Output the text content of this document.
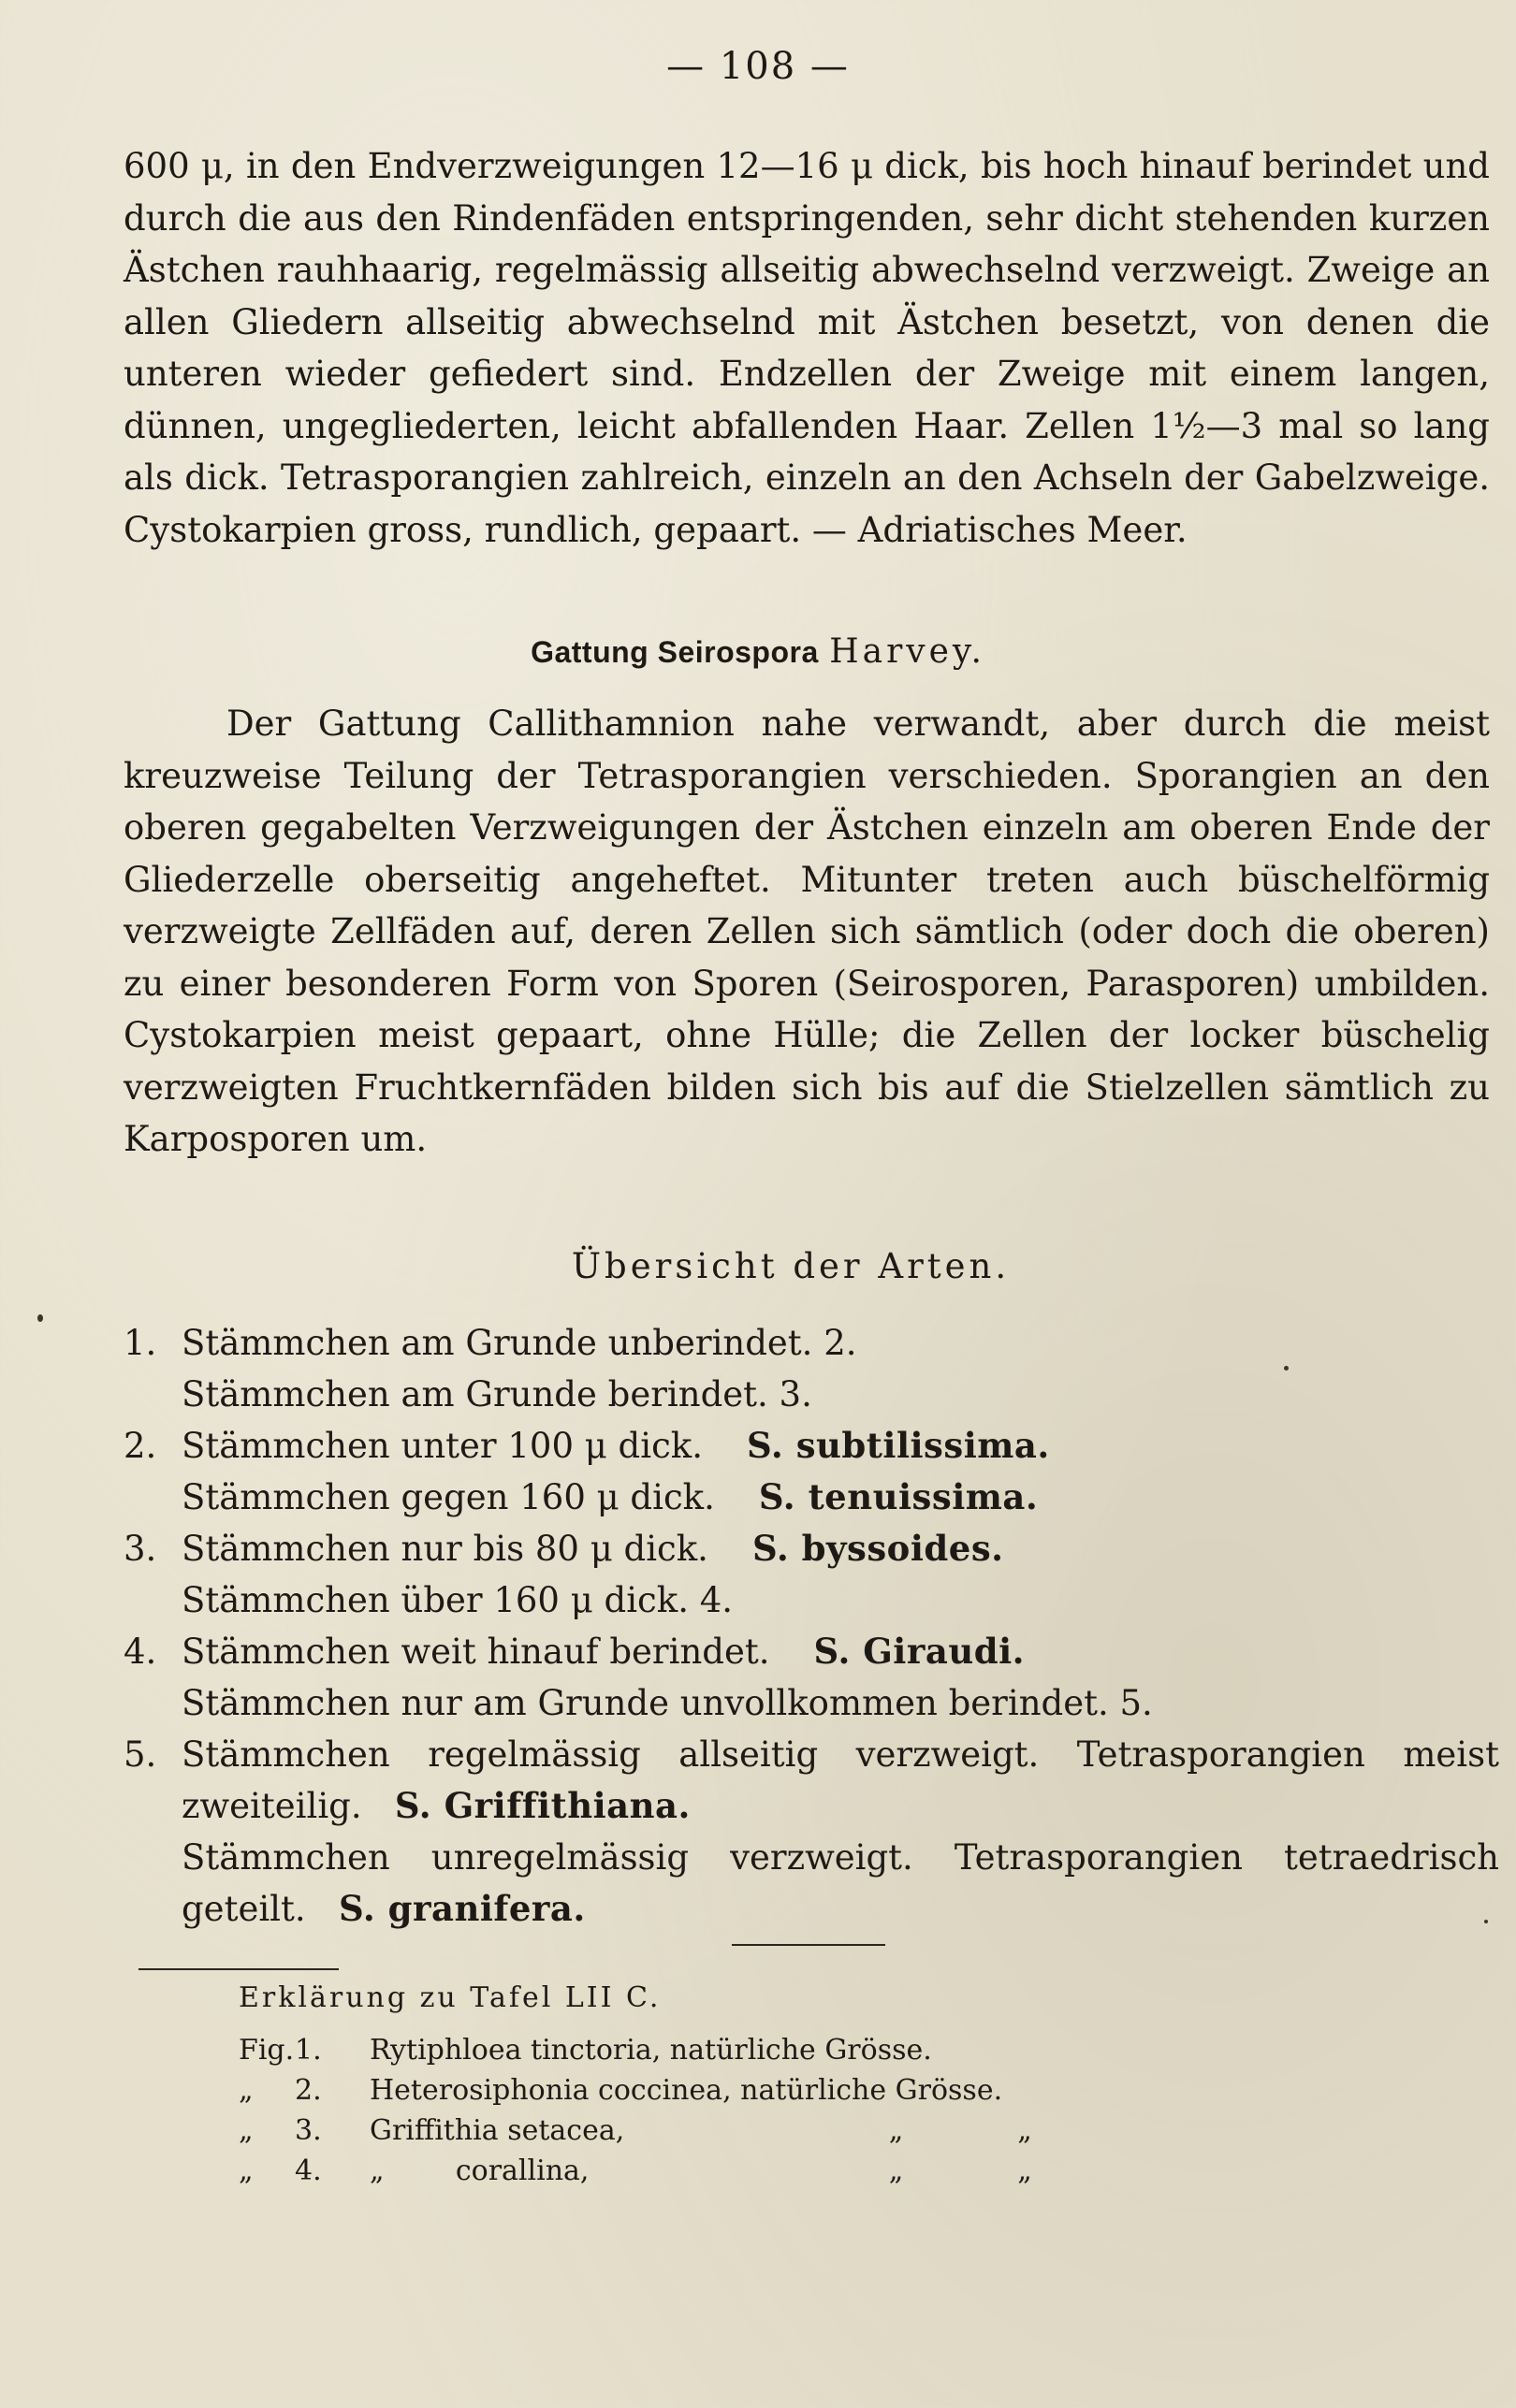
— 108 —

600 μ, in den Endverzweigungen 12—16 μ dick, bis hoch hinauf berindet und durch die aus den Rindenfäden entspringenden, sehr dicht stehenden kurzen Ästchen rauhhaarig, regelmässig allseitig abwechselnd verzweigt. Zweige an allen Gliedern allseitig abwechselnd mit Ästchen besetzt, von denen die unteren wieder gefiedert sind. Endzellen der Zweige mit einem langen, dünnen, ungegliederten, leicht abfallenden Haar. Zellen 1½—3 mal so lang als dick. Tetrasporangien zahlreich, einzeln an den Achseln der Gabelzweige. Cystokarpien gross, rundlich, gepaart. — Adriatisches Meer.

Gattung Seirospora Harvey.

Der Gattung Callithamnion nahe verwandt, aber durch die meist kreuzweise Teilung der Tetrasporangien verschieden. Sporangien an den oberen gegabelten Verzweigungen der Ästchen einzeln am oberen Ende der Gliederzelle oberseitig angeheftet. Mitunter treten auch büschelförmig verzweigte Zellfäden auf, deren Zellen sich sämtlich (oder doch die oberen) zu einer besonderen Form von Sporen (Seirosporen, Parasporen) umbilden. Cystokarpien meist gepaart, ohne Hülle; die Zellen der locker büschelig verzweigten Fruchtkernfäden bilden sich bis auf die Stielzellen sämtlich zu Karposporen um.

Übersicht der Arten.
1. Stämmchen am Grunde unberindet. 2.
Stämmchen am Grunde berindet. 3.
2. Stämmchen unter 100 μ dick. S. subtilissima.
Stämmchen gegen 160 μ dick. S. tenuissima.
3. Stämmchen nur bis 80 μ dick. S. byssoides.
Stämmchen über 160 μ dick. 4.
4. Stämmchen weit hinauf berindet. S. Giraudi.
Stämmchen nur am Grunde unvollkommen berindet. 5.
5. Stämmchen regelmässig allseitig verzweigt. Tetrasporangien meist zweiteilig. S. Griffithiana.
Stämmchen unregelmässig verzweigt. Tetrasporangien tetraedrisch geteilt. S. granifera.
Erklärung zu Tafel LII C.
Fig. 1.	Rytiphloea tinctoria, natürliche Grösse.
„	2.	Heterosiphonia coccinea, natürliche Grösse.
„	3.	Griffithia setacea,	„	„
„	4.	„        corallina,	„	„
